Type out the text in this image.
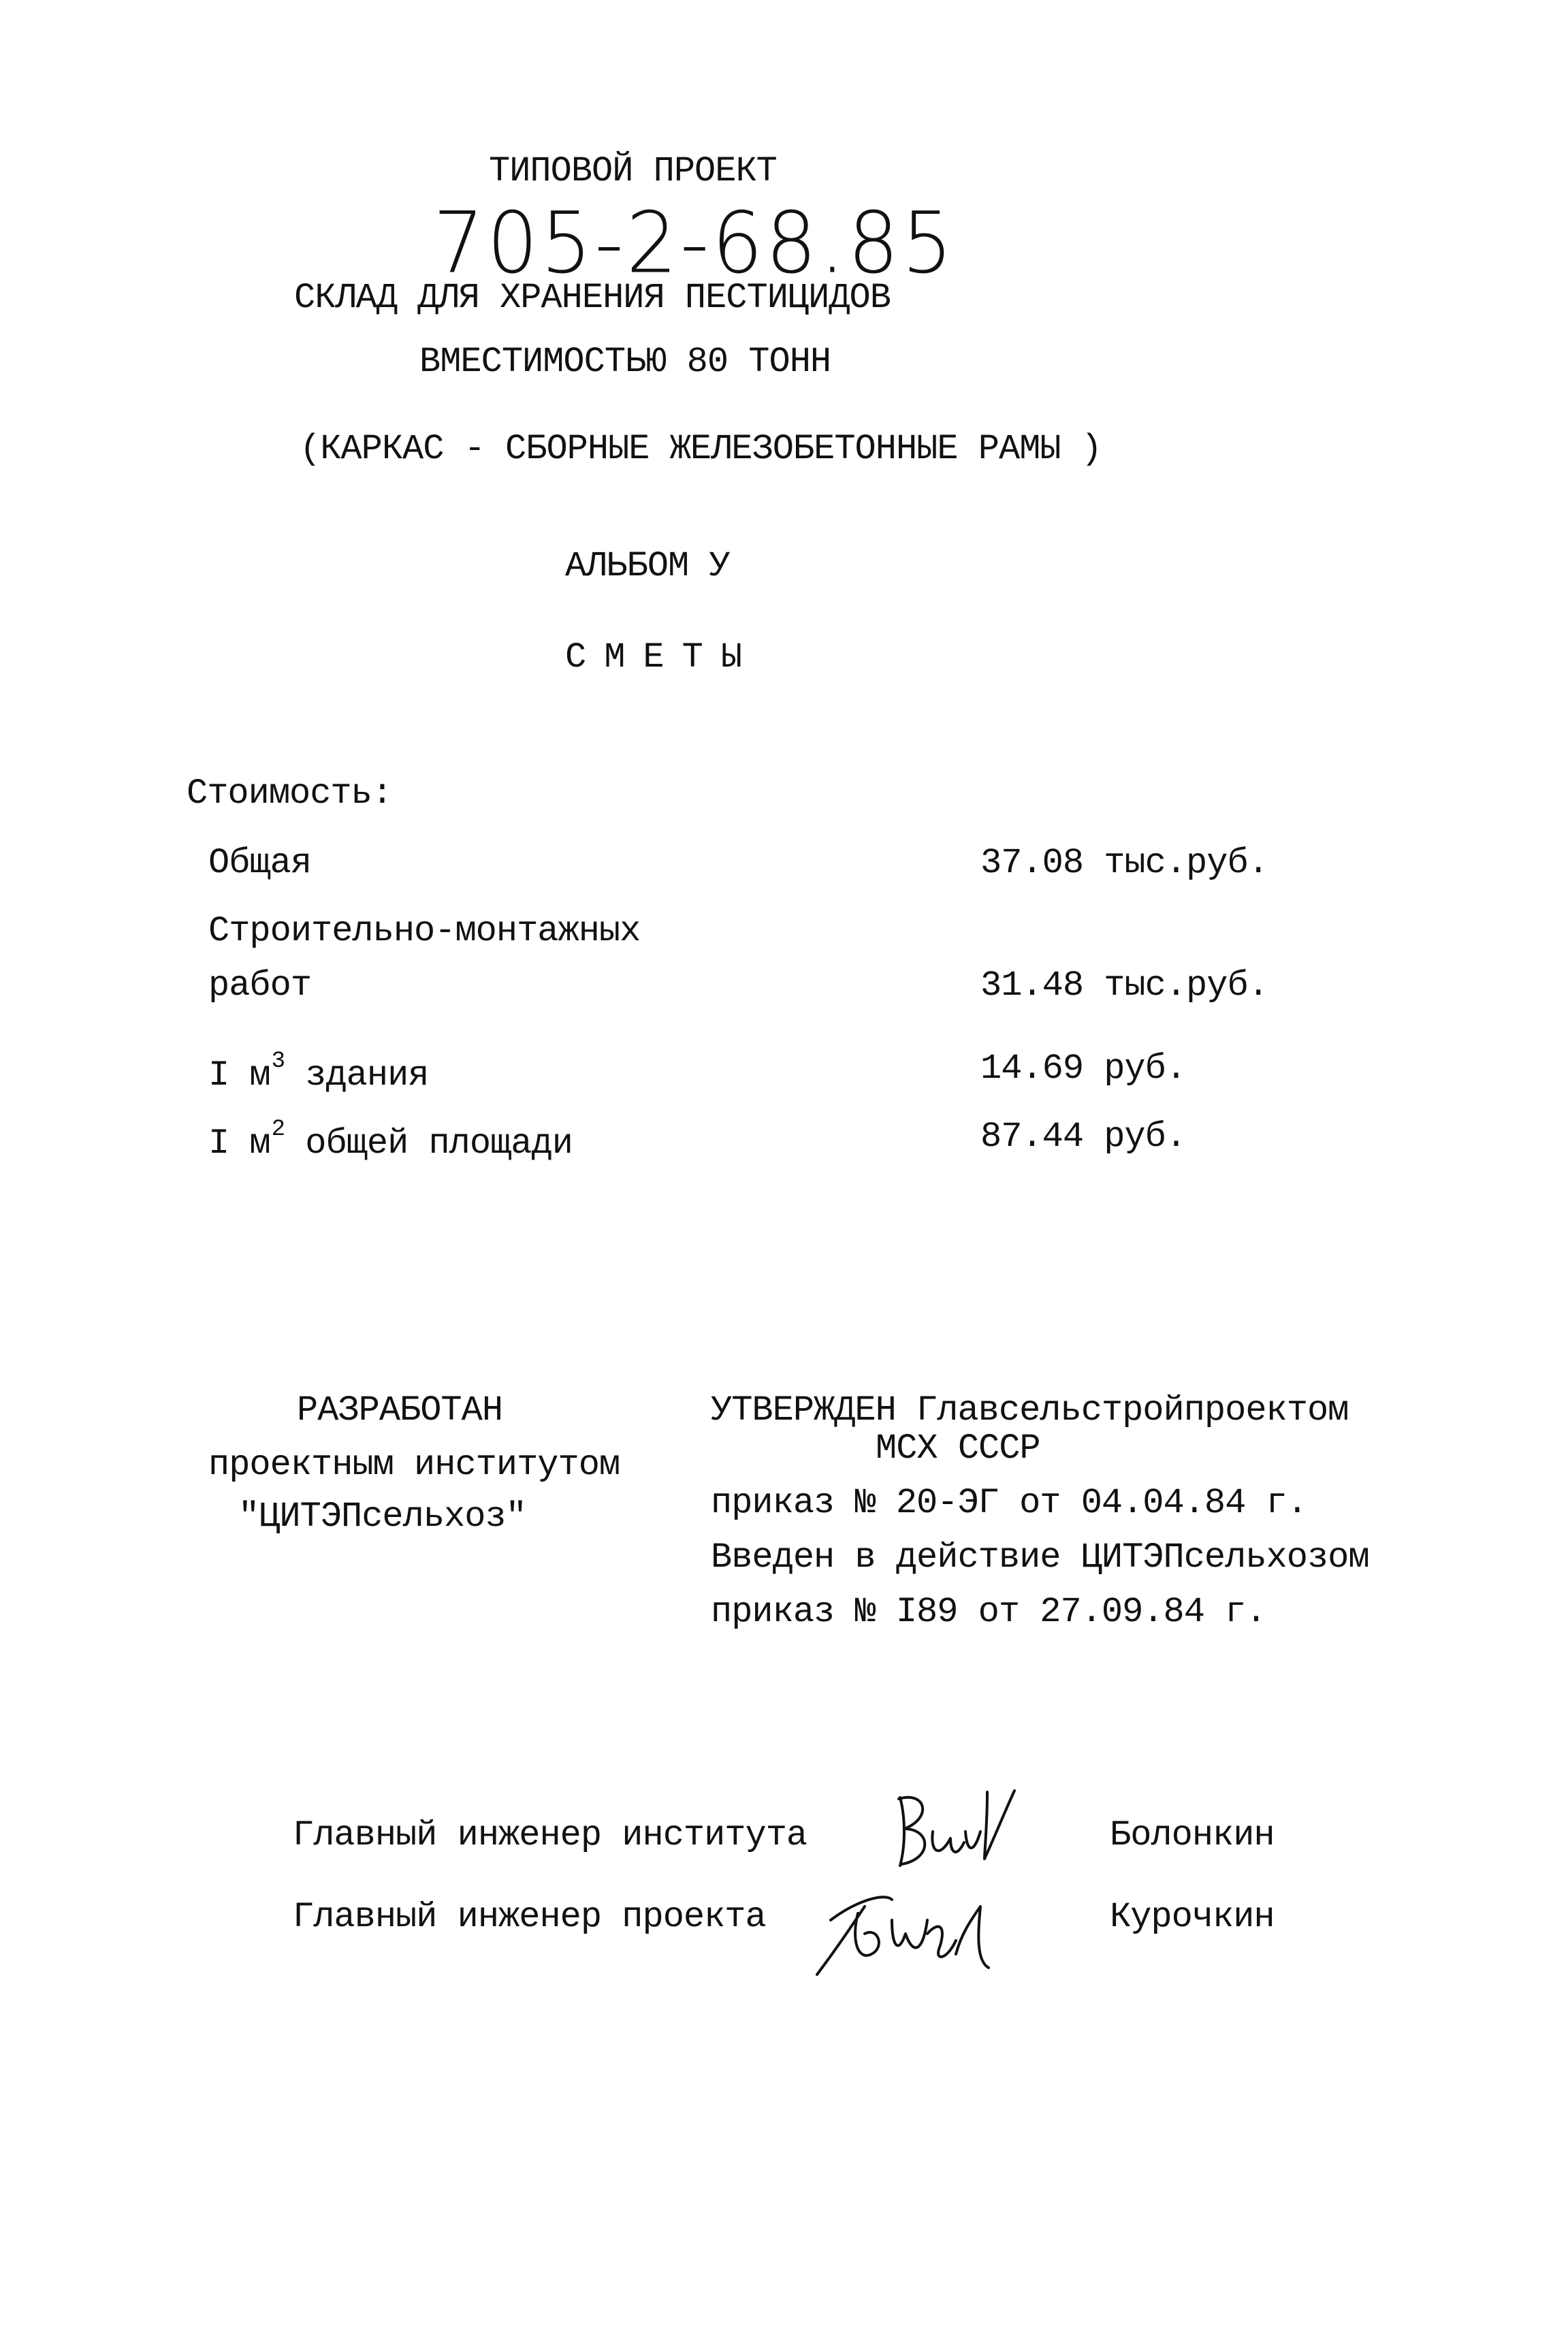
ТИПОВОЙ ПРОЕКТ
705-2-68.85
СКЛАД ДЛЯ ХРАНЕНИЯ ПЕСТИЦИДОВ
ВМЕСТИМОСТЬЮ 80 ТОНН
(КАРКАС - СБОРНЫЕ ЖЕЛЕЗОБЕТОННЫЕ РАМЫ )
АЛЬБОМ У
СМЕТЫ
Стоимость:
Общая	37.08 тыс.руб.
Строительно-монтажных
работ	31.48 тыс.руб.
I $м^3$ здания	14.69 руб.
I $м^2$ общей площади	87.44 руб.
РАЗРАБОТАН
проектным институтом
"ЦИТЭПсельхоз"
УТВЕРЖДЕН Главсельстройпроектом
МСХ СССР
приказ № 20-ЭГ от 04.04.84 г.
Введен в действие ЦИТЭПсельхозом
приказ № I89 от 27.09.84 г.
Главный инженер института	Болонкин
Главный инженер проекта	Курочкин
